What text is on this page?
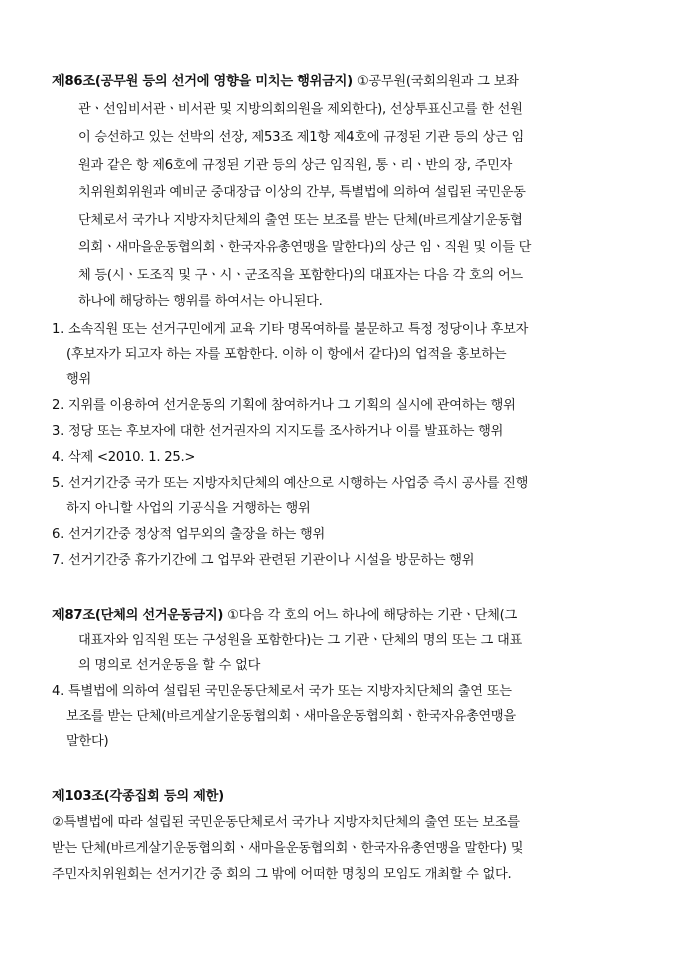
제86조(공무원 등의 선거에 영향을 미치는 행위금지) ①공무원(국회의원과 그 보좌
관ㆍ선임비서관ㆍ비서관 및 지방의회의원을 제외한다), 선상투표신고를 한 선원
이 승선하고 있는 선박의 선장, 제53조 제1항 제4호에 규정된 기관 등의 상근 임
원과 같은 항 제6호에 규정된 기관 등의 상근 임직원, 통ㆍ리ㆍ반의 장, 주민자
치위원회위원과 예비군 중대장급 이상의 간부, 특별법에 의하여 설립된 국민운동
단체로서 국가나 지방자치단체의 출연 또는 보조를 받는 단체(바르게살기운동협
의회ㆍ새마을운동협의회ㆍ한국자유총연맹을 말한다)의 상근 임ㆍ직원 및 이들 단
체 등(시ㆍ도조직 및 구ㆍ시ㆍ군조직을 포함한다)의 대표자는 다음 각 호의 어느
하나에 해당하는 행위를 하여서는 아니된다.
1. 소속직원 또는 선거구민에게 교육 기타 명목여하를 불문하고 특정 정당이나 후보자
(후보자가 되고자 하는 자를 포함한다. 이하 이 항에서 같다)의 업적을 홍보하는
행위
2. 지위를 이용하여 선거운동의 기획에 참여하거나 그 기획의 실시에 관여하는 행위
3. 정당 또는 후보자에 대한 선거권자의 지지도를 조사하거나 이를 발표하는 행위
4. 삭제 <2010. 1. 25.>
5. 선거기간중 국가 또는 지방자치단체의 예산으로 시행하는 사업중 즉시 공사를 진행
하지 아니할 사업의 기공식을 거행하는 행위
6. 선거기간중 정상적 업무외의 출장을 하는 행위
7. 선거기간중 휴가기간에 그 업무와 관련된 기관이나 시설을 방문하는 행위
제87조(단체의 선거운동금지) ①다음 각 호의 어느 하나에 해당하는 기관ㆍ단체(그
대표자와 임직원 또는 구성원을 포함한다)는 그 기관ㆍ단체의 명의 또는 그 대표
의 명의로 선거운동을 할 수 없다
4. 특별법에 의하여 설립된 국민운동단체로서 국가 또는 지방자치단체의 출연 또는
보조를 받는 단체(바르게살기운동협의회ㆍ새마을운동협의회ㆍ한국자유총연맹을
말한다)
제103조(각종집회 등의 제한)
②특별법에 따라 설립된 국민운동단체로서 국가나 지방자치단체의 출연 또는 보조를
받는 단체(바르게살기운동협의회ㆍ새마을운동협의회ㆍ한국자유총연맹을 말한다) 및
주민자치위원회는 선거기간 중 회의 그 밖에 어떠한 명칭의 모임도 개최할 수 없다.
